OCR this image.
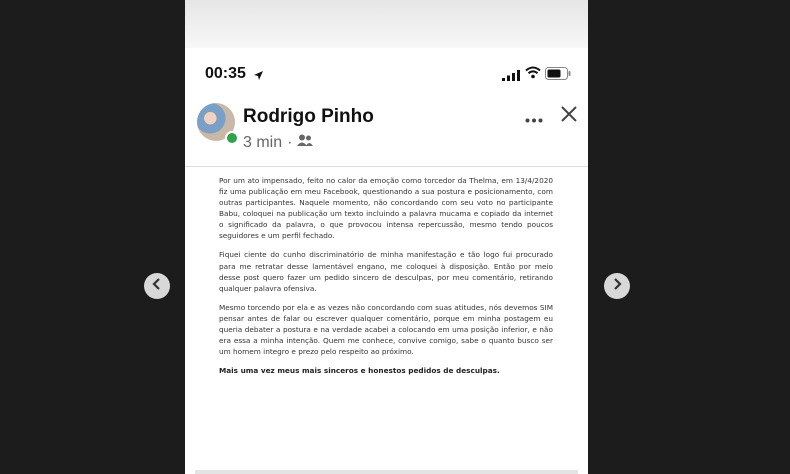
00:35
Rodrigo Pinho
3 min ·

Por um ato impensado, feito no calor da emoção como torcedor da Thelma, em 13/4/2020 fiz uma publicação em meu Facebook, questionando a sua postura e posicionamento, com outras participantes. Naquele momento, não concordando com seu voto no participante Babu, coloquei na publicação um texto incluindo a palavra mucama e copiado da internet o significado da palavra, o que provocou intensa repercussão, mesmo tendo poucos seguidores e um perfil fechado.

Fiquei ciente do cunho discriminatório de minha manifestação e tão logo fui procurado para me retratar desse lamentável engano, me coloquei à disposição. Então por meio desse post quero fazer um pedido sincero de desculpas, por meu comentário, retirando qualquer palavra ofensiva.

Mesmo torcendo por ela e as vezes não concordando com suas atitudes, nós devemos SIM pensar antes de falar ou escrever qualquer comentário, porque em minha postagem eu queria debater a postura e na verdade acabei a colocando em uma posição inferior, e não era essa a minha intenção. Quem me conhece, convive comigo, sabe o quanto busco ser um homem integro e prezo pelo respeito ao próximo.

Mais uma vez meus mais sinceros e honestos pedidos de desculpas.
